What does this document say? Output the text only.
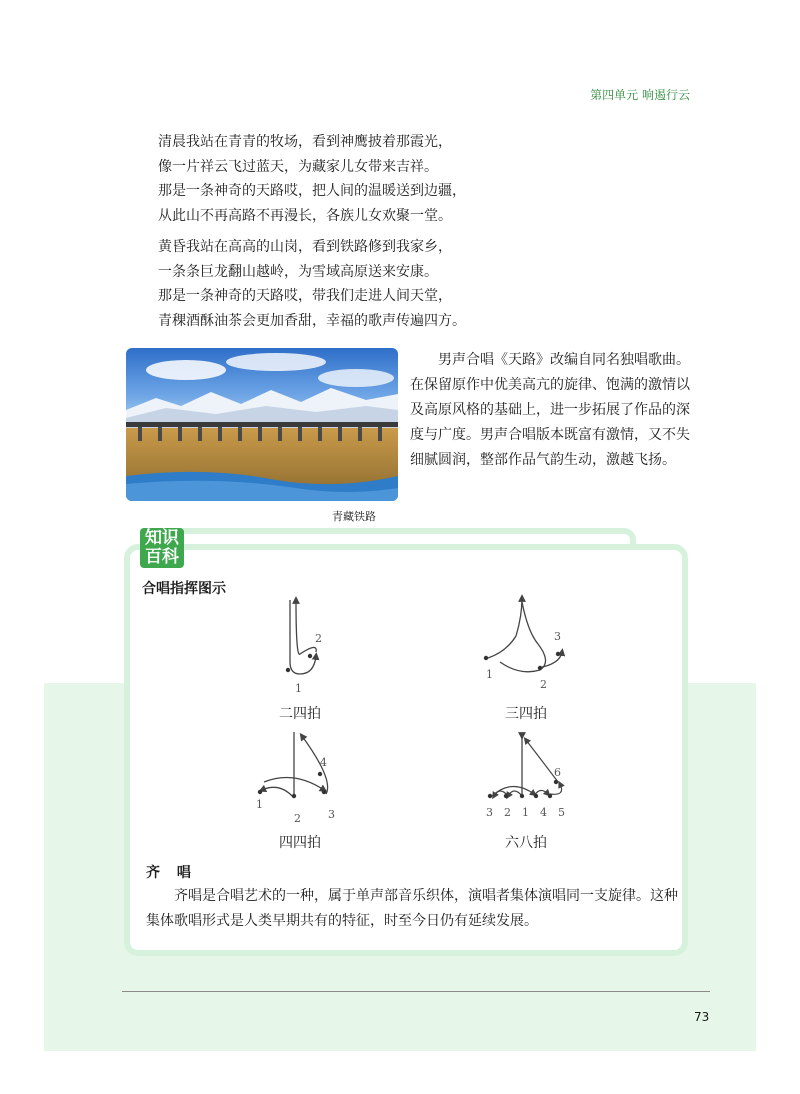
第四单元 响遏行云
清晨我站在青青的牧场，看到神鹰披着那霞光，
像一片祥云飞过蓝天，为藏家儿女带来吉祥。
那是一条神奇的天路哎，把人间的温暖送到边疆，
从此山不再高路不再漫长，各族儿女欢聚一堂。
黄昏我站在高高的山岗，看到铁路修到我家乡，
一条条巨龙翻山越岭，为雪域高原送来安康。
那是一条神奇的天路哎，带我们走进人间天堂，
青稞酒酥油茶会更加香甜，幸福的歌声传遍四方。
青藏铁路
男声合唱《天路》改编自同名独唱歌曲。在保留原作中优美高亢的旋律、饱满的激情以及高原风格的基础上，进一步拓展了作品的深度与广度。男声合唱版本既富有激情，又不失细腻圆润，整部作品气韵生动，激越飞扬。
知识
百科
合唱指挥图示
1
2
二四拍
1
2
3
三四拍
1
2 3
4
四四拍
3 2 1 4 5
6
六八拍
齐 唱
齐唱是合唱艺术的一种，属于单声部音乐织体，演唱者集体演唱同一支旋律。这种集体歌唱形式是人类早期共有的特征，时至今日仍有延续发展。
73
